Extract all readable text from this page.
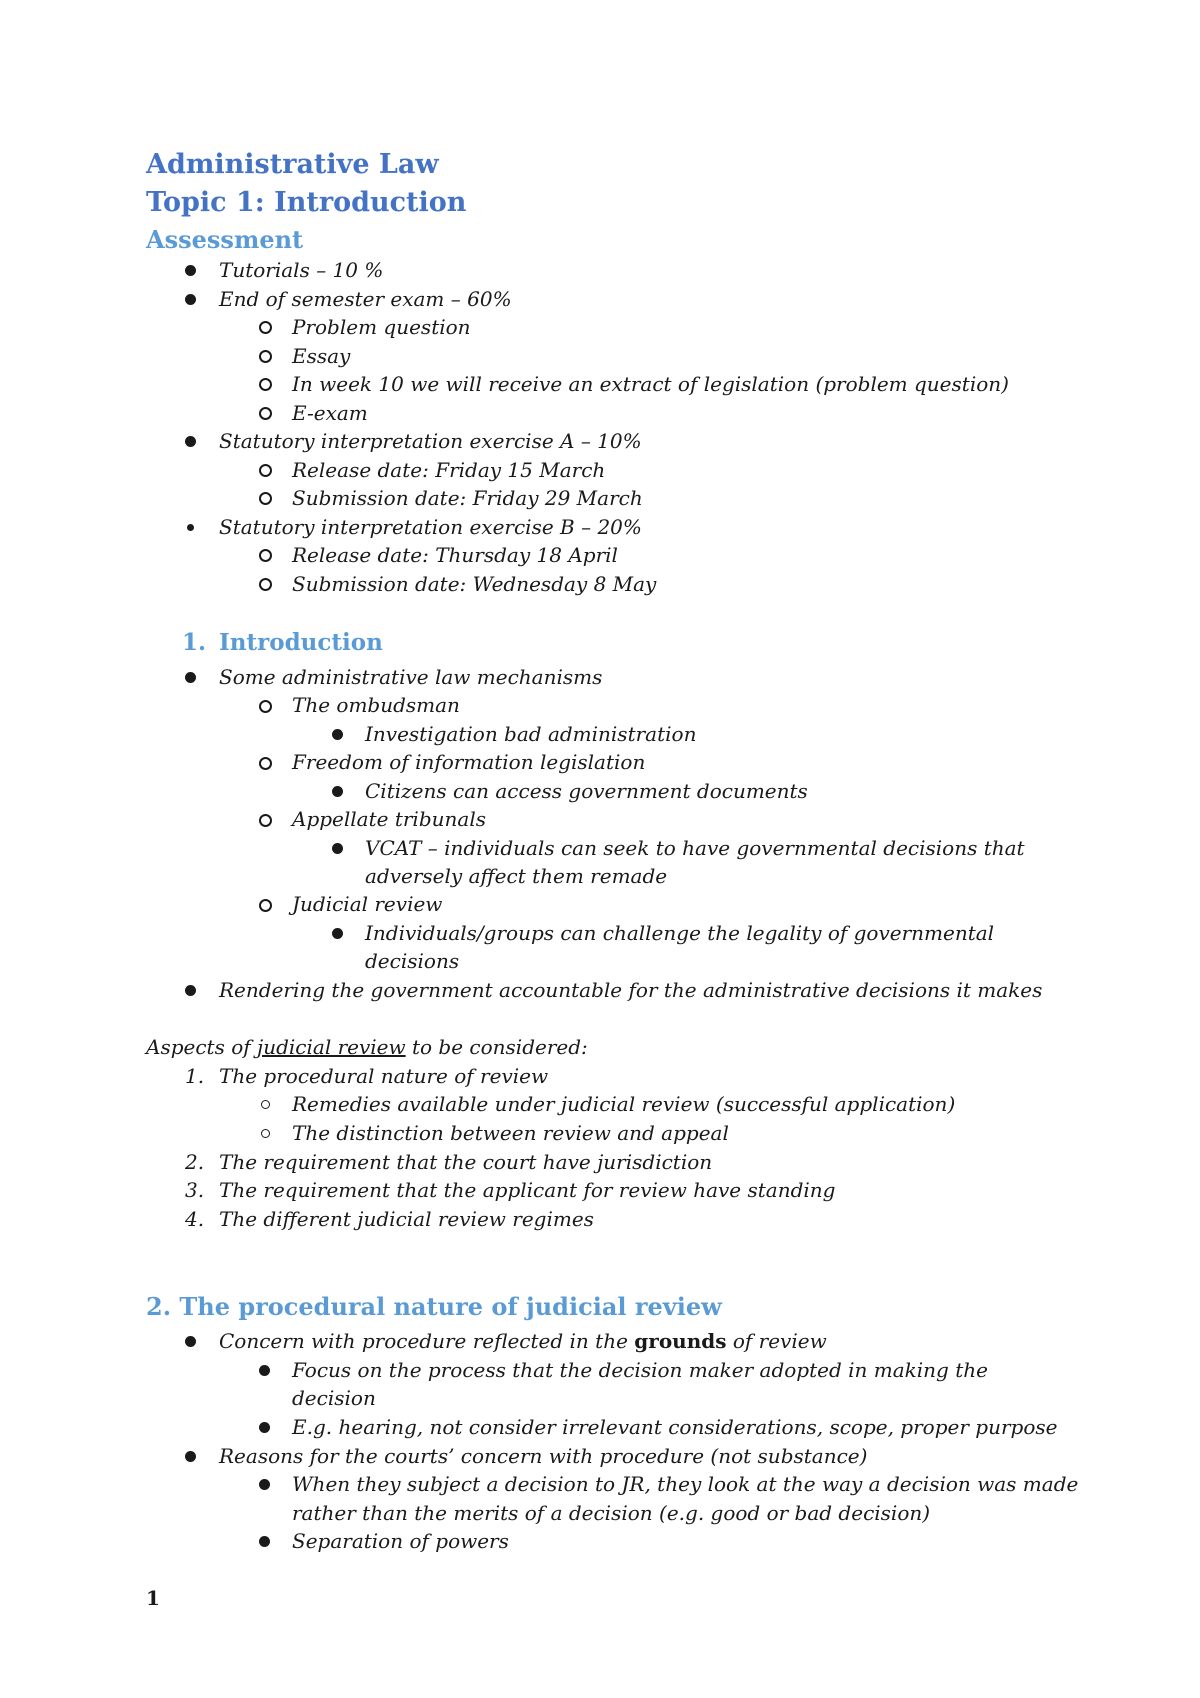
Administrative Law
Topic 1: Introduction
Assessment
Tutorials – 10 %
End of semester exam – 60%
Problem question
Essay
In week 10 we will receive an extract of legislation (problem question)
E-exam
Statutory interpretation exercise A – 10%
Release date: Friday 15 March
Submission date: Friday 29 March
Statutory interpretation exercise B – 20%
Release date: Thursday 18 April
Submission date: Wednesday 8 May
1. Introduction
Some administrative law mechanisms
The ombudsman
Investigation bad administration
Freedom of information legislation
Citizens can access government documents
Appellate tribunals
VCAT – individuals can seek to have governmental decisions that
adversely affect them remade
Judicial review
Individuals/groups can challenge the legality of governmental
decisions
Rendering the government accountable for the administrative decisions it makes
Aspects of judicial review to be considered:
1. The procedural nature of review
Remedies available under judicial review (successful application)
The distinction between review and appeal
2. The requirement that the court have jurisdiction
3. The requirement that the applicant for review have standing
4. The different judicial review regimes
2. The procedural nature of judicial review
Concern with procedure reflected in the grounds of review
Focus on the process that the decision maker adopted in making the
decision
E.g. hearing, not consider irrelevant considerations, scope, proper purpose
Reasons for the courts’ concern with procedure (not substance)
When they subject a decision to JR, they look at the way a decision was made
rather than the merits of a decision (e.g. good or bad decision)
Separation of powers
1
